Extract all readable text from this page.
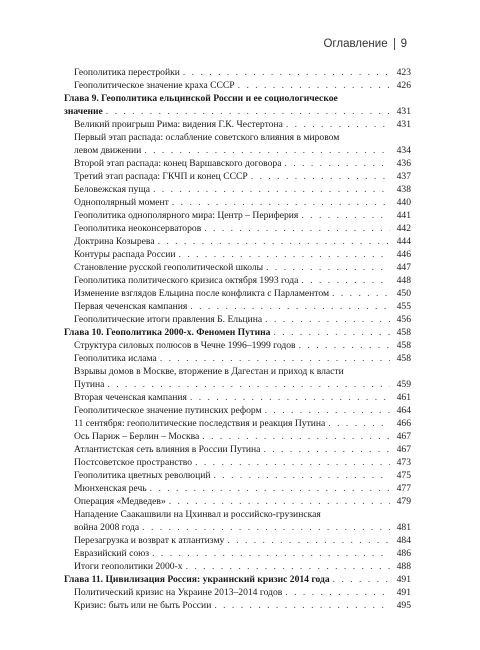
Оглавление 9
Геополитика перестройки . . .	423
Геополитическое значение краха СССР . . .	426
Глава 9. Геополитика ельцинской России и ее социологическое
значение . . .	431
Великий проигрыш Рима: видения Г.К. Честертона . . .	431
Первый этап распада: ослабление советского влияния в мировом
левом движении . . .	434
Второй этап распада: конец Варшавского договора . . .	436
Третий этап распада: ГКЧП и конец СССР . . .	437
Беловежская пуща . . .	438
Однополярный момент . . .	440
Геополитика однополярного мира: Центр – Периферия . . .	441
Геополитика неоконсерваторов . . .	442
Доктрина Козырева . . .	444
Контуры распада России . . .	446
Становление русской геополитической школы . . .	447
Геополитика политического кризиса октября 1993 года . . .	448
Изменение взглядов Ельцина после конфликта с Парламентом . . .	450
Первая чеченская кампания . . .	455
Геополитические итоги правления Б. Ельцина . . .	456
Глава 10. Геополитика 2000-х. Феномен Путина . . .	458
Структура силовых полюсов в Чечне 1996–1999 годов . . .	458
Геополитика ислама . . .	458
Взрывы домов в Москве, вторжение в Дагестан и приход к власти
Путина . . .	459
Вторая чеченская кампания . . .	461
Геополитическое значение путинских реформ . . .	464
11 сентября: геополитические последствия и реакция Путина . . .	466
Ось Париж – Берлин – Москва . . .	467
Атлантистская сеть влияния в России Путина . . .	467
Постсоветское пространство . . .	473
Геополитика цветных революций . . .	475
Мюнхенская речь . . .	477
Операция «Медведев» . . .	479
Нападение Саакашвили на Цхинвал и российско-грузинская
война 2008 года . . .	481
Перезагрузка и возврат к атлантизму . . .	484
Евразийский союз . . .	486
Итоги геополитики 2000-х . . .	488
Глава 11. Цивилизация Россия: украинский кризис 2014 года . . .	491
Политический кризис на Украине 2013–2014 годов . . .	491
Кризис: быть или не быть России . . .	495
